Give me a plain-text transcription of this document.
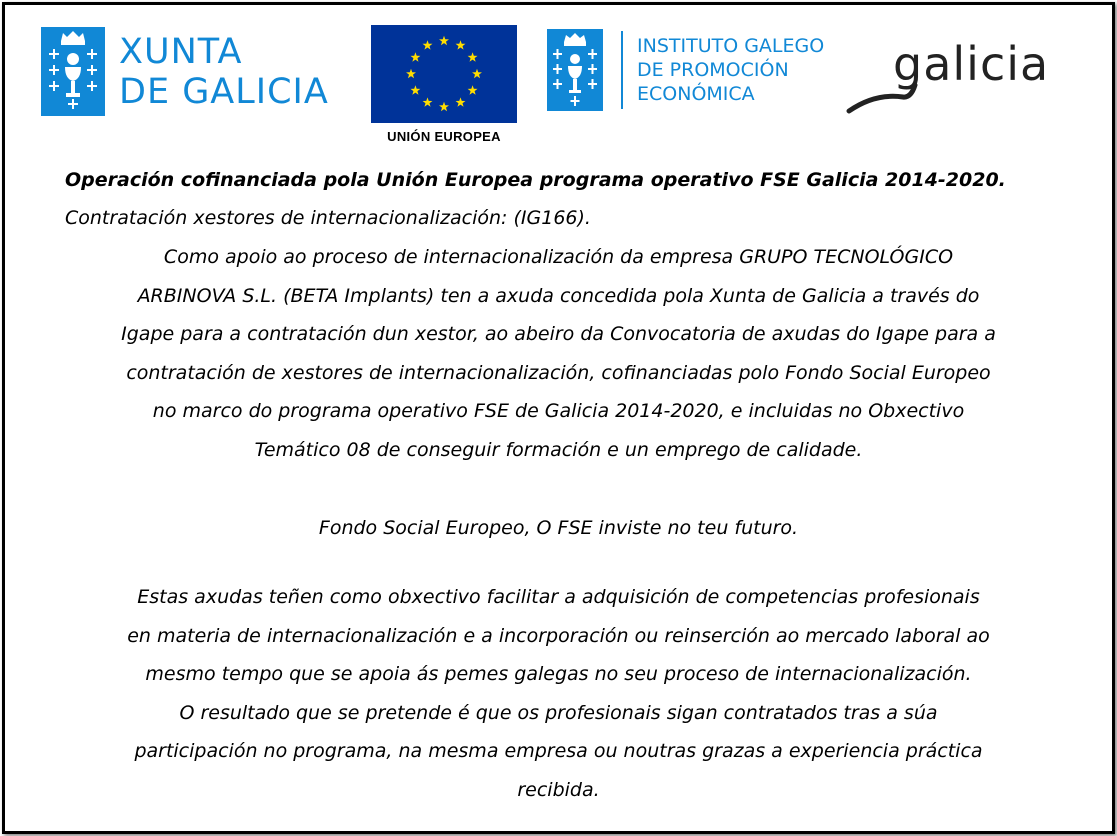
XUNTA
DE GALICIA
UNIÓN EUROPEA
INSTITUTO GALEGO
DE PROMOCIÓN
ECONÓMICA
galicia
Operación cofinanciada pola Unión Europea programa operativo FSE Galicia 2014-2020.
Contratación xestores de internacionalización: (IG166).
Como apoio ao proceso de internacionalización da empresa GRUPO TECNOLÓGICO
ARBINOVA S.L. (BETA Implants) ten a axuda concedida pola Xunta de Galicia a través do
Igape para a contratación dun xestor, ao abeiro da Convocatoria de axudas do Igape para a
contratación de xestores de internacionalización, cofinanciadas polo Fondo Social Europeo
no marco do programa operativo FSE de Galicia 2014-2020, e incluidas no Obxectivo
Temático 08 de conseguir formación e un emprego de calidade.
Fondo Social Europeo, O FSE inviste no teu futuro.
Estas axudas teñen como obxectivo facilitar a adquisición de competencias profesionais
en materia de internacionalización e a incorporación ou reinserción ao mercado laboral ao
mesmo tempo que se apoia ás pemes galegas no seu proceso de internacionalización.
O resultado que se pretende é que os profesionais sigan contratados tras a súa
participación no programa, na mesma empresa ou noutras grazas a experiencia práctica
recibida.
